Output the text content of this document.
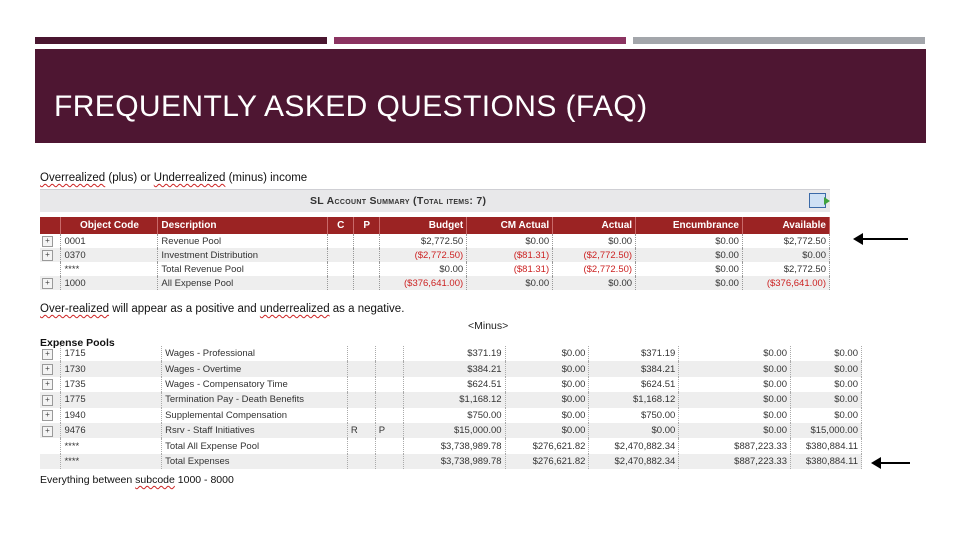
FREQUENTLY ASKED QUESTIONS (FAQ)
Overrealized (plus) or Underrealized (minus) income
SL Account Summary (Total items: 7)
	Object Code	Description	C	P	Budget	CM Actual	Actual	Encumbrance	Available
+	0001	Revenue Pool			$2,772.50	$0.00	$0.00	$0.00	$2,772.50
+	0370	Investment Distribution			($2,772.50)	($81.31)	($2,772.50)	$0.00	$0.00
	****	Total Revenue Pool			$0.00	($81.31)	($2,772.50)	$0.00	$2,772.50
+	1000	All Expense Pool			($376,641.00)	$0.00	$0.00	$0.00	($376,641.00)
Over-realized will appear as a positive and underrealized as a negative.
<Minus>
Expense Pools
+	1715	Wages - Professional			$371.19	$0.00	$371.19	$0.00	$0.00
+	1730	Wages - Overtime			$384.21	$0.00	$384.21	$0.00	$0.00
+	1735	Wages - Compensatory Time			$624.51	$0.00	$624.51	$0.00	$0.00
+	1775	Termination Pay - Death Benefits			$1,168.12	$0.00	$1,168.12	$0.00	$0.00
+	1940	Supplemental Compensation			$750.00	$0.00	$750.00	$0.00	$0.00
+	9476	Rsrv - Staff Initiatives	R	P	$15,000.00	$0.00	$0.00	$0.00	$15,000.00
	****	Total All Expense Pool			$3,738,989.78	$276,621.82	$2,470,882.34	$887,223.33	$380,884.11
	****	Total Expenses			$3,738,989.78	$276,621.82	$2,470,882.34	$887,223.33	$380,884.11
Everything between subcode 1000 - 8000
